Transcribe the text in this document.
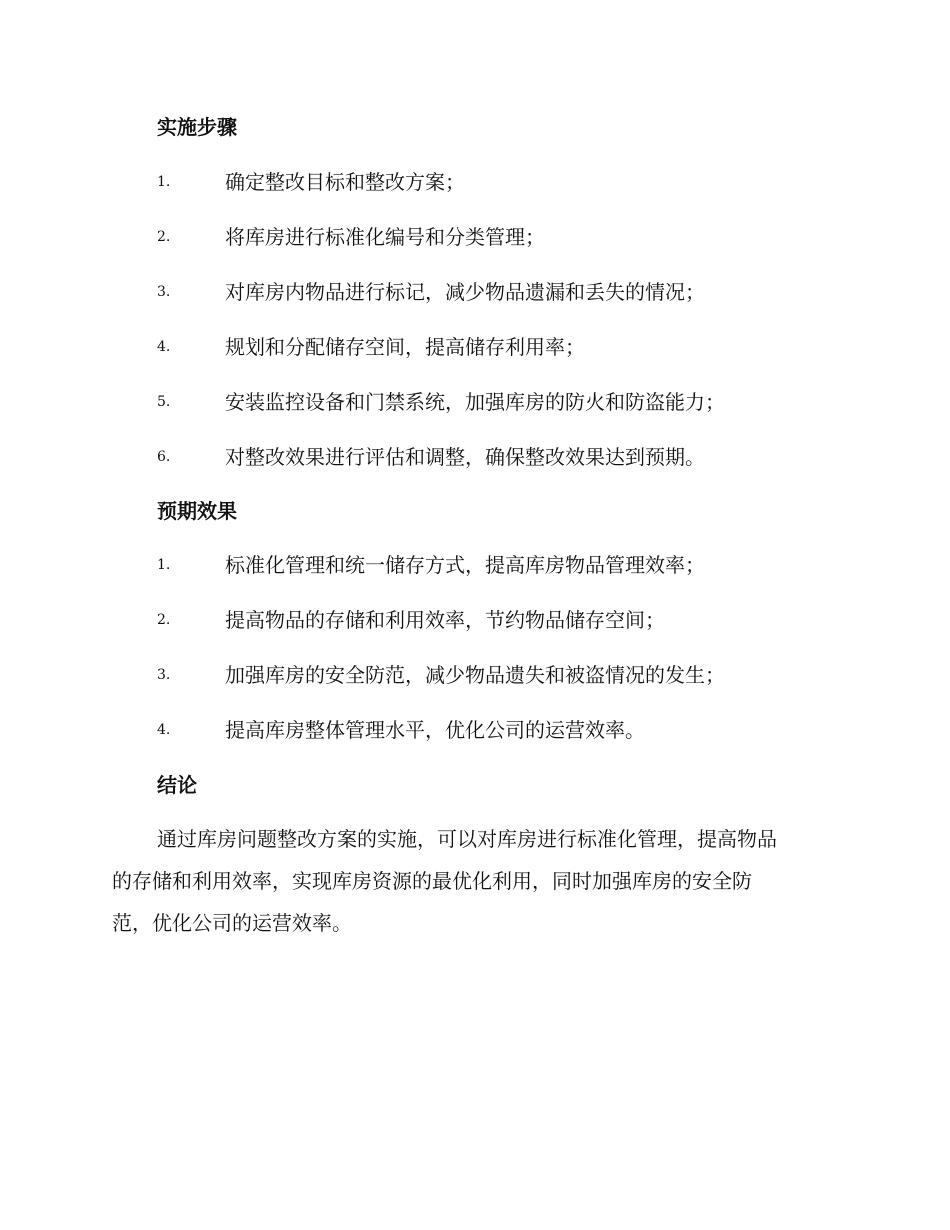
实施步骤
1.	确定整改目标和整改方案；
2.	将库房进行标准化编号和分类管理；
3.	对库房内物品进行标记，减少物品遗漏和丢失的情况；
4.	规划和分配储存空间，提高储存利用率；
5.	安装监控设备和门禁系统，加强库房的防火和防盗能力；
6.	对整改效果进行评估和调整，确保整改效果达到预期。
预期效果
1.	标准化管理和统一储存方式，提高库房物品管理效率；
2.	提高物品的存储和利用效率，节约物品储存空间；
3.	加强库房的安全防范，减少物品遗失和被盗情况的发生；
4.	提高库房整体管理水平，优化公司的运营效率。
结论
通过库房问题整改方案的实施，可以对库房进行标准化管理，提高物品
的存储和利用效率，实现库房资源的最优化利用，同时加强库房的安全防
范，优化公司的运营效率。
